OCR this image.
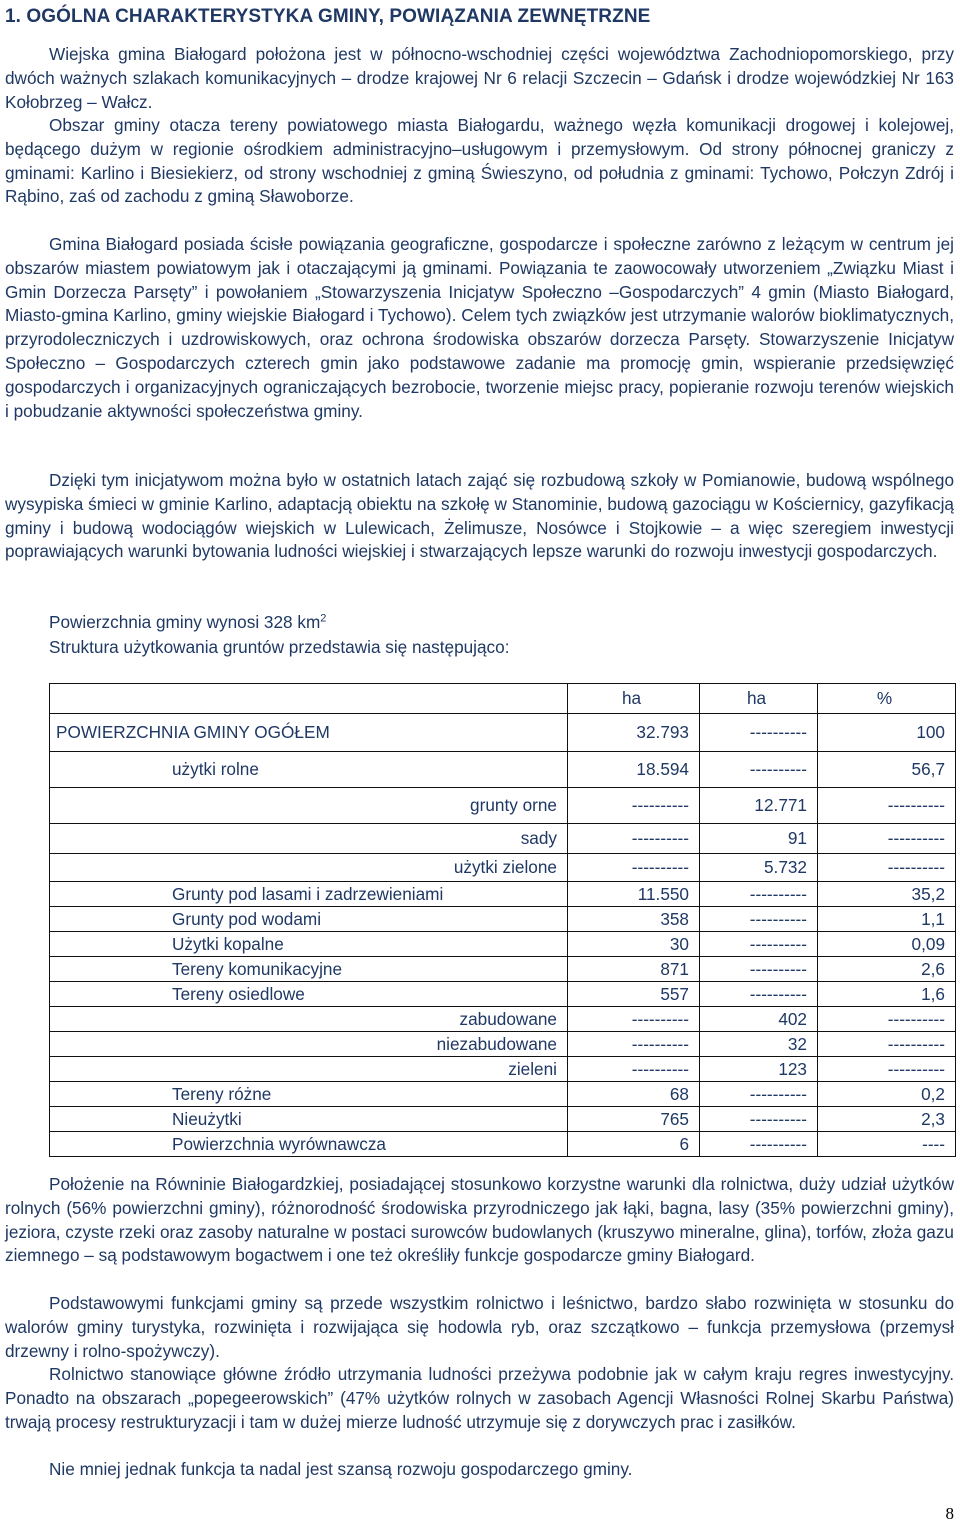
1. OGÓLNA CHARAKTERYSTYKA GMINY, POWIĄZANIA ZEWNĘTRZNE

Wiejska gmina Białogard położona jest w północno-wschodniej części województwa Zachodniopomorskiego, przy dwóch ważnych szlakach komunikacyjnych – drodze krajowej Nr 6 relacji Szczecin – Gdańsk i drodze wojewódzkiej Nr 163 Kołobrzeg – Wałcz.

Obszar gminy otacza tereny powiatowego miasta Białogardu, ważnego węzła komunikacji drogowej i kolejowej, będącego dużym w regionie ośrodkiem administracyjno–usługowym i przemysłowym. Od strony północnej graniczy z gminami: Karlino i Biesiekierz, od strony wschodniej z gminą Świeszyno, od południa z gminami: Tychowo, Połczyn Zdrój i Rąbino, zaś od zachodu z gminą Sławoborze.

Gmina Białogard posiada ścisłe powiązania geograficzne, gospodarcze i społeczne zarówno z leżącym w centrum jej obszarów miastem powiatowym jak i otaczającymi ją gminami. Powiązania te zaowocowały utworzeniem „Związku Miast i Gmin Dorzecza Parsęty” i powołaniem „Stowarzyszenia Inicjatyw Społeczno –Gospodarczych” 4 gmin (Miasto Białogard, Miasto-gmina Karlino, gminy wiejskie Białogard i Tychowo). Celem tych związków jest utrzymanie walorów bioklimatycznych, przyrodoleczniczych i uzdrowiskowych, oraz ochrona środowiska obszarów dorzecza Parsęty. Stowarzyszenie Inicjatyw Społeczno – Gospodarczych czterech gmin jako podstawowe zadanie ma promocję gmin, wspieranie przedsięwzięć gospodarczych i organizacyjnych ograniczających bezrobocie, tworzenie miejsc pracy, popieranie rozwoju terenów wiejskich i pobudzanie aktywności społeczeństwa gminy.

Dzięki tym inicjatywom można było w ostatnich latach zająć się rozbudową szkoły w Pomianowie, budową wspólnego wysypiska śmieci w gminie Karlino, adaptacją obiektu na szkołę w Stanominie, budową gazociągu w Kościernicy, gazyfikacją gminy i budową wodociągów wiejskich w Lulewicach, Żelimusze, Nosówce i Stojkowie – a więc szeregiem inwestycji poprawiających warunki bytowania ludności wiejskiej i stwarzających lepsze warunki do rozwoju inwestycji gospodarczych.

Powierzchnia gminy wynosi 328 $km^2$
Struktura użytkowania gruntów przedstawia się następująco:
	ha	ha	%
POWIERZCHNIA GMINY OGÓŁEM	32.793	----------	100
użytki rolne	18.594	----------	56,7
grunty orne	----------	12.771	----------
sady	----------	91	----------
użytki zielone	----------	5.732	----------
Grunty pod lasami i zadrzewieniami	11.550	----------	35,2
Grunty pod wodami	358	----------	1,1
Użytki kopalne	30	----------	0,09
Tereny komunikacyjne	871	----------	2,6
Tereny osiedlowe	557	----------	1,6
zabudowane	----------	402	----------
niezabudowane	----------	32	----------
zieleni	----------	123	----------
Tereny różne	68	----------	0,2
Nieużytki	765	----------	2,3
Powierzchnia wyrównawcza	6	----------	----

Położenie na Równinie Białogardzkiej, posiadającej stosunkowo korzystne warunki dla rolnictwa, duży udział użytków rolnych (56% powierzchni gminy), różnorodność środowiska przyrodniczego jak łąki, bagna, lasy (35% powierzchni gminy), jeziora, czyste rzeki oraz zasoby naturalne w postaci surowców budowlanych (kruszywo mineralne, glina), torfów, złoża gazu ziemnego – są podstawowym bogactwem i one też określiły funkcje gospodarcze gminy Białogard.

Podstawowymi funkcjami gminy są przede wszystkim rolnictwo i leśnictwo, bardzo słabo rozwinięta w stosunku do walorów gminy turystyka, rozwinięta i rozwijająca się hodowla ryb, oraz szczątkowo – funkcja przemysłowa (przemysł drzewny i rolno-spożywczy).

Rolnictwo stanowiące główne źródło utrzymania ludności przeżywa podobnie jak w całym kraju regres inwestycyjny. Ponadto na obszarach „popegeerowskich” (47% użytków rolnych w zasobach Agencji Własności Rolnej Skarbu Państwa) trwają procesy restrukturyzacji i tam w dużej mierze ludność utrzymuje się z dorywczych prac i zasiłków.

Nie mniej jednak funkcja ta nadal jest szansą rozwoju gospodarczego gminy.

8
